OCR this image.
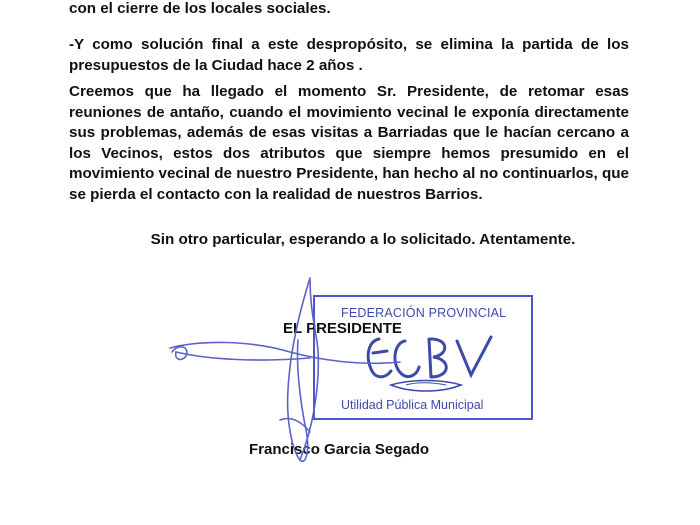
con el cierre de los locales sociales.

-Y como solución final a este despropósito, se elimina la partida de los presupuestos de la Ciudad hace 2 años .

Creemos que ha llegado el momento Sr. Presidente, de retomar esas reuniones de antaño, cuando el movimiento vecinal le exponía directamente sus problemas, además de esas visitas a Barriadas que le hacían cercano a los Vecinos, estos dos atributos que siempre hemos presumido en el movimiento vecinal de nuestro Presidente, han hecho al no continuarlos, que se pierda el contacto con la realidad de nuestros Barrios.

Sin otro particular, esperando a lo solicitado. Atentamente.

FEDERACIÓN PROVINCIAL
Utilidad Pública Municipal

EL PRESIDENTE

Francisco Garcia Segado
